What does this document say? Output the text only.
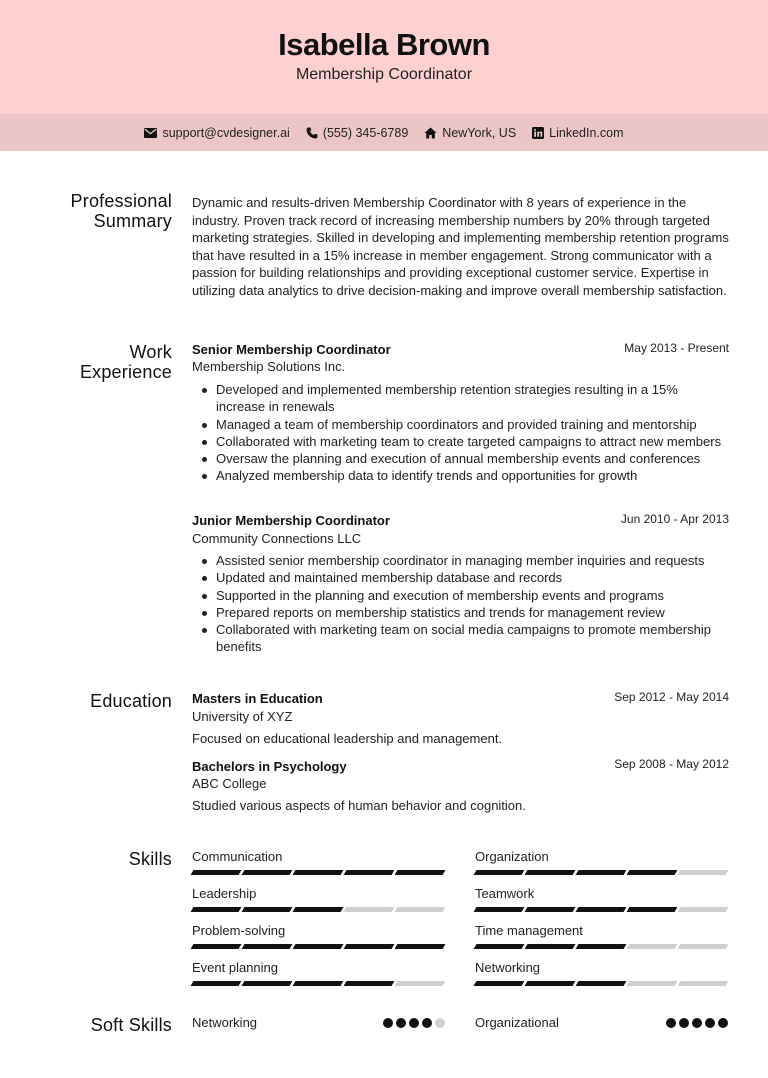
Isabella Brown
Membership Coordinator
support@cvdesigner.ai	(555) 345-6789	NewYork, US	LinkedIn.com
Professional
Summary
Dynamic and results-driven Membership Coordinator with 8 years of experience in the industry. Proven track record of increasing membership numbers by 20% through targeted marketing strategies. Skilled in developing and implementing membership retention programs that have resulted in a 15% increase in member engagement. Strong communicator with a passion for building relationships and providing exceptional customer service. Expertise in utilizing data analytics to drive decision-making and improve overall membership satisfaction.
Work
Experience
Senior Membership Coordinator	May 2013 - Present
Membership Solutions Inc.
Developed and implemented membership retention strategies resulting in a 15% increase in renewals
Managed a team of membership coordinators and provided training and mentorship
Collaborated with marketing team to create targeted campaigns to attract new members
Oversaw the planning and execution of annual membership events and conferences
Analyzed membership data to identify trends and opportunities for growth
Junior Membership Coordinator	Jun 2010 - Apr 2013
Community Connections LLC
Assisted senior membership coordinator in managing member inquiries and requests
Updated and maintained membership database and records
Supported in the planning and execution of membership events and programs
Prepared reports on membership statistics and trends for management review
Collaborated with marketing team on social media campaigns to promote membership benefits
Education Masters in Education	Sep 2012 - May 2014
University of XYZ
Focused on educational leadership and management.
Bachelors in Psychology	Sep 2008 - May 2012
ABC College
Studied various aspects of human behavior and cognition.
Skills Communication	Organization
Leadership	Teamwork
Problem-solving	Time management
Event planning	Networking
Soft Skills Networking	Organizational
